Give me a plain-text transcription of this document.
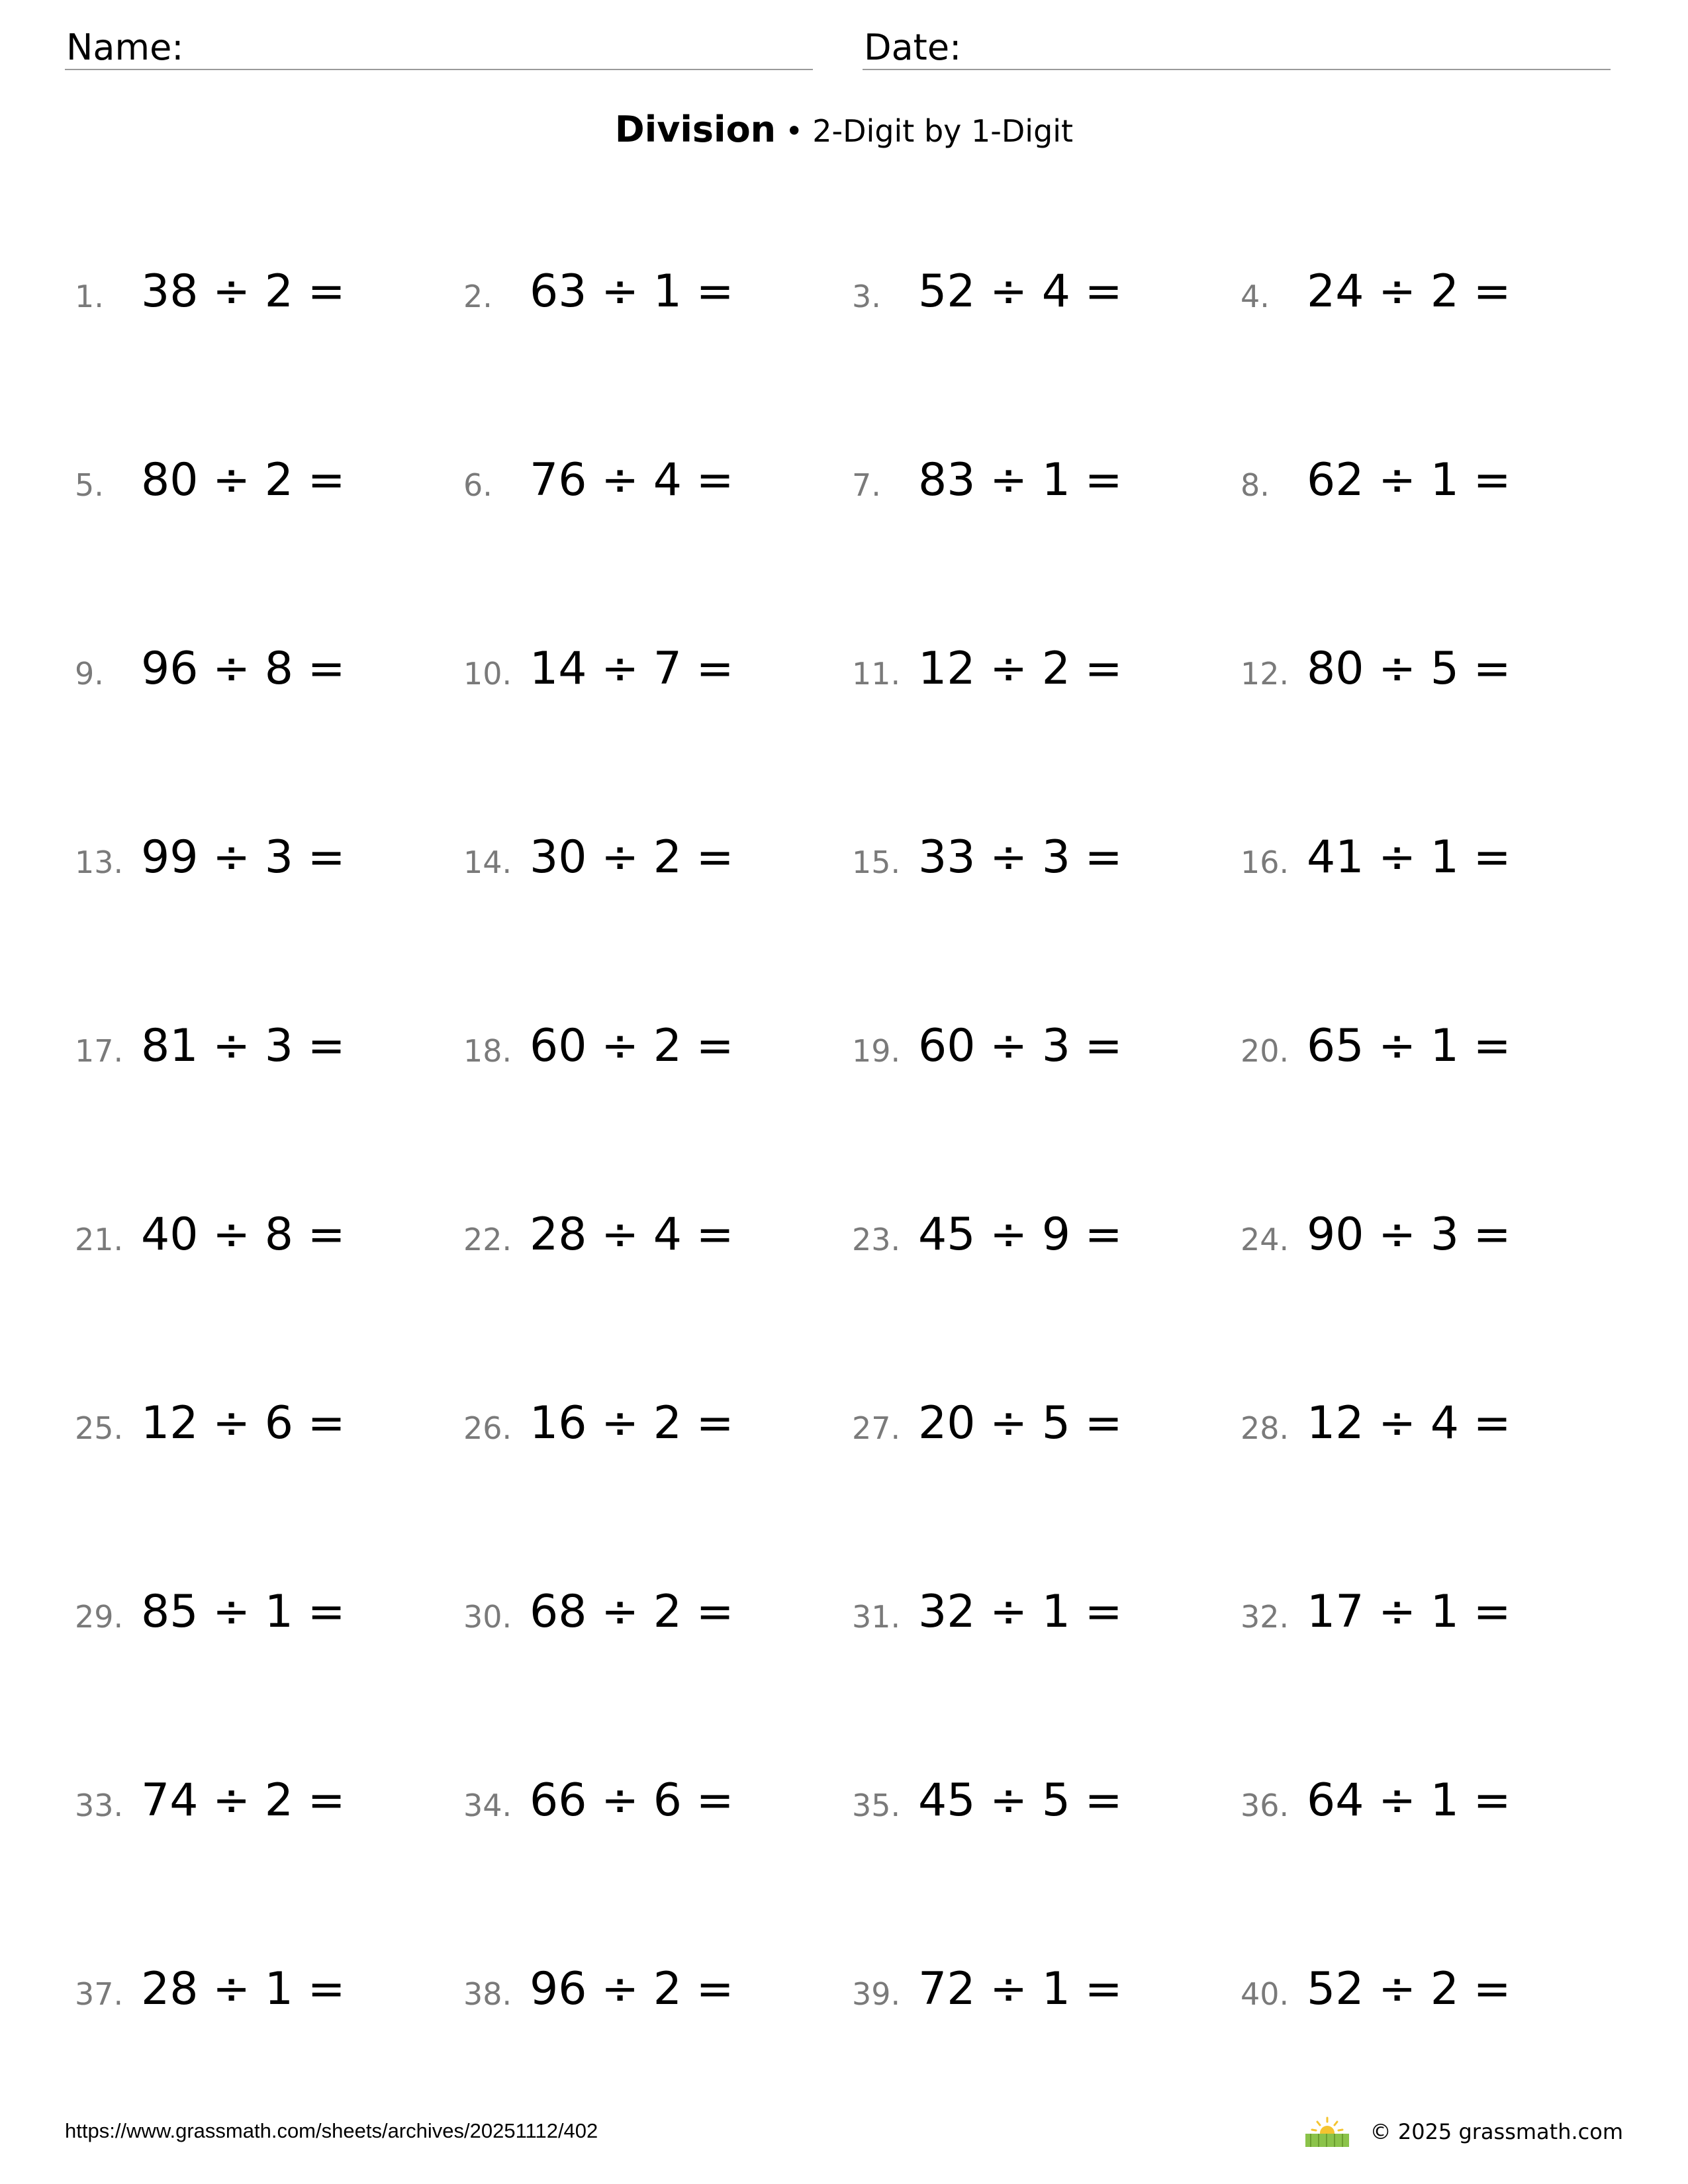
Name:	Date:
Division • 2-Digit by 1-Digit
1. 38 ÷ 2 =	2. 63 ÷ 1 =	3. 52 ÷ 4 =	4. 24 ÷ 2 =
5. 80 ÷ 2 =	6. 76 ÷ 4 =	7. 83 ÷ 1 =	8. 62 ÷ 1 =
9. 96 ÷ 8 =	10. 14 ÷ 7 =	11. 12 ÷ 2 =	12. 80 ÷ 5 =
13. 99 ÷ 3 =	14. 30 ÷ 2 =	15. 33 ÷ 3 =	16. 41 ÷ 1 =
17. 81 ÷ 3 =	18. 60 ÷ 2 =	19. 60 ÷ 3 =	20. 65 ÷ 1 =
21. 40 ÷ 8 =	22. 28 ÷ 4 =	23. 45 ÷ 9 =	24. 90 ÷ 3 =
25. 12 ÷ 6 =	26. 16 ÷ 2 =	27. 20 ÷ 5 =	28. 12 ÷ 4 =
29. 85 ÷ 1 =	30. 68 ÷ 2 =	31. 32 ÷ 1 =	32. 17 ÷ 1 =
33. 74 ÷ 2 =	34. 66 ÷ 6 =	35. 45 ÷ 5 =	36. 64 ÷ 1 =
37. 28 ÷ 1 =	38. 96 ÷ 2 =	39. 72 ÷ 1 =	40. 52 ÷ 2 =
https://www.grassmath.com/sheets/archives/20251112/402	© 2025 grassmath.com
